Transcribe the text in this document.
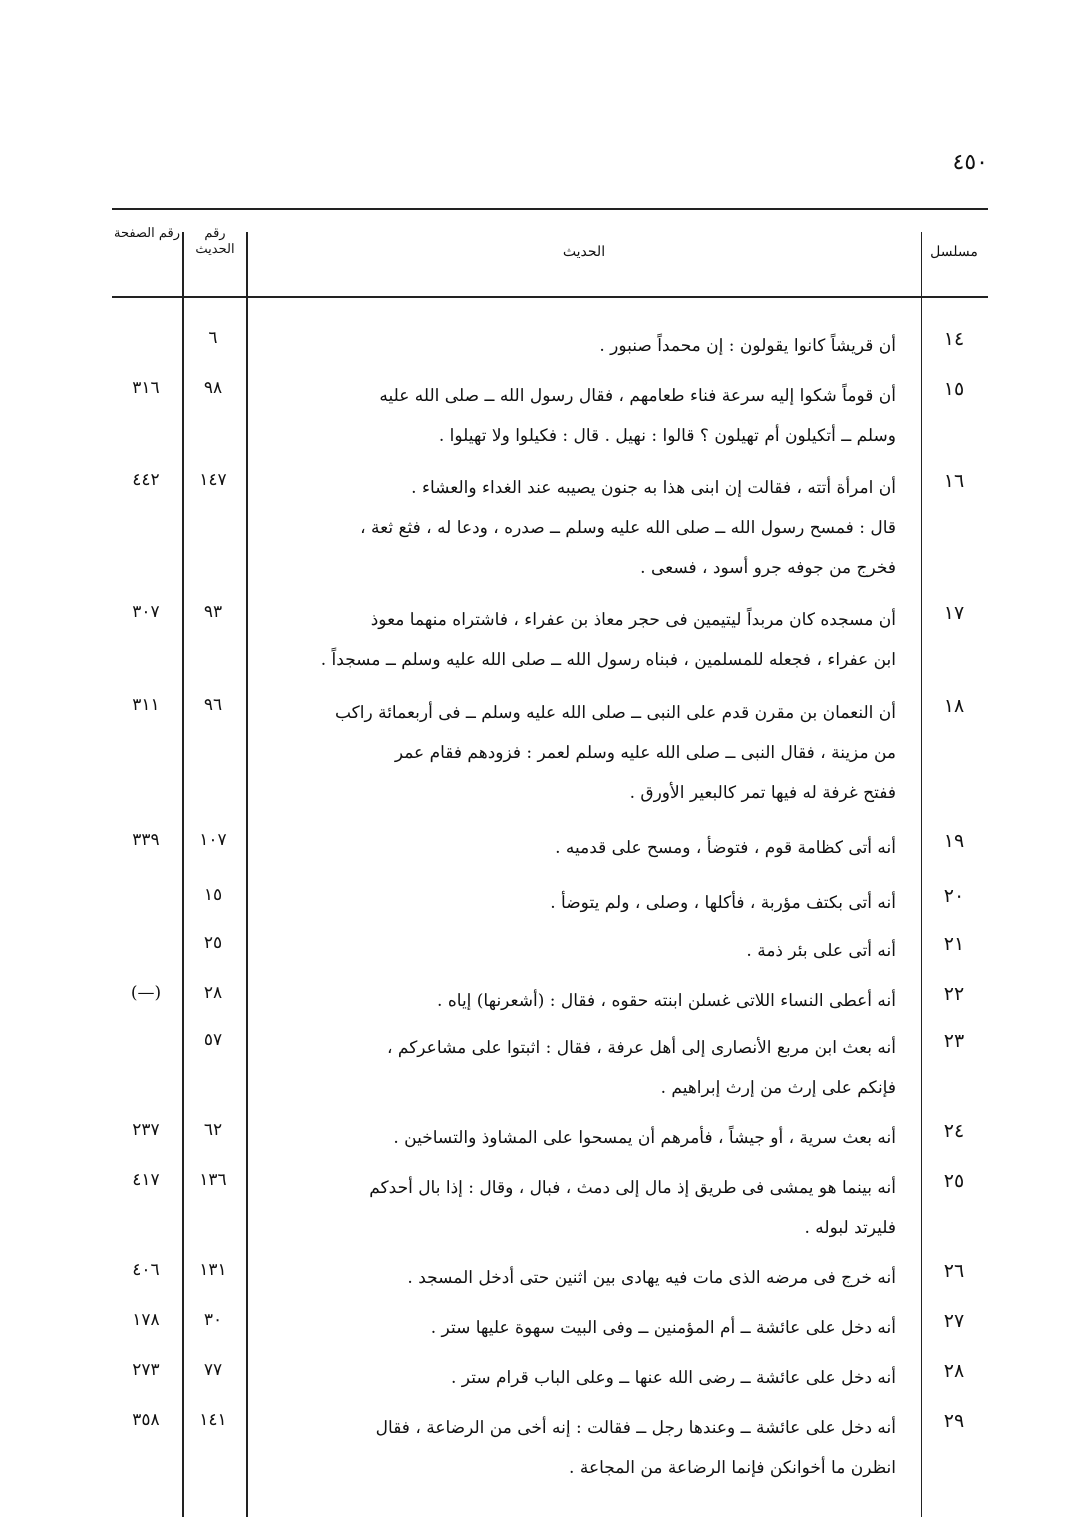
٤٥٠
مسلسل
الحديث
رقم الحديث
رقم الصفحة
١٤
أن قريشاً كانوا يقولون : إن محمداً صنبور .
٦
١٥
أن قوماً شكوا إليه سرعة فناء طعامهم ، فقال رسول الله ــ صلى الله عليه
وسلم ــ أتكيلون أم تهيلون ؟ قالوا : نهيل . قال : فكيلوا ولا تهيلوا .
٩٨
٣١٦
١٦
أن امرأة أتته ، فقالت إن ابنى هذا به جنون يصيبه عند الغداء والعشاء .
قال : فمسح رسول الله ــ صلى الله عليه وسلم ــ صدره ، ودعا له ، فثع ثعة ،
فخرج من جوفه جرو أسود ، فسعى .
١٤٧
٤٤٢
١٧
أن مسجده كان مربداً ليتيمين فى حجر معاذ بن عفراء ، فاشتراه منهما معوذ
ابن عفراء ، فجعله للمسلمين ، فبناه رسول الله ــ صلى الله عليه وسلم ــ مسجداً .
٩٣
٣٠٧
١٨
أن النعمان بن مقرن قدم على النبى ــ صلى الله عليه وسلم ــ فى أربعمائة راكب
من مزينة ، فقال النبى ــ صلى الله عليه وسلم لعمر : فزودهم فقام عمر
ففتح غرفة له فيها تمر كالبعير الأورق .
٩٦
٣١١
١٩
أنه أتى كظامة قوم ، فتوضأ ، ومسح على قدميه .
١٠٧
٣٣٩
٢٠
أنه أتى بكتف مؤربة ، فأكلها ، وصلى ، ولم يتوضأ .
١٥
٢١
أنه أتى على بئر ذمة .
٢٥
٢٢
أنه أعطى النساء اللاتى غسلن ابنته حقوه ، فقال : (أشعرنها) إياه .
٢٨
(—)
٢٣
أنه بعث ابن مربع الأنصارى إلى أهل عرفة ، فقال : اثبتوا على مشاعركم ،
فإنكم على إرث من إرث إبراهيم .
٥٧
٢٤
أنه بعث سرية ، أو جيشاً ، فأمرهم أن يمسحوا على المشاوذ والتساخين .
٦٢
٢٣٧
٢٥
أنه بينما هو يمشى فى طريق إذ مال إلى دمث ، فبال ، وقال : إذا بال أحدكم
فليرتد لبوله .
١٣٦
٤١٧
٢٦
أنه خرج فى مرضه الذى مات فيه يهادى بين اثنين حتى أدخل المسجد .
١٣١
٤٠٦
٢٧
أنه دخل على عائشة ــ أم المؤمنين ــ وفى البيت سهوة عليها ستر .
٣٠
١٧٨
٢٨
أنه دخل على عائشة ــ رضى الله عنها ــ وعلى الباب قرام ستر .
٧٧
٢٧٣
٢٩
أنه دخل على عائشة ــ وعندها رجل ــ فقالت : إنه أخى من الرضاعة ، فقال
انظرن ما أخوانكن فإنما الرضاعة من المجاعة .
١٤١
٣٥٨
